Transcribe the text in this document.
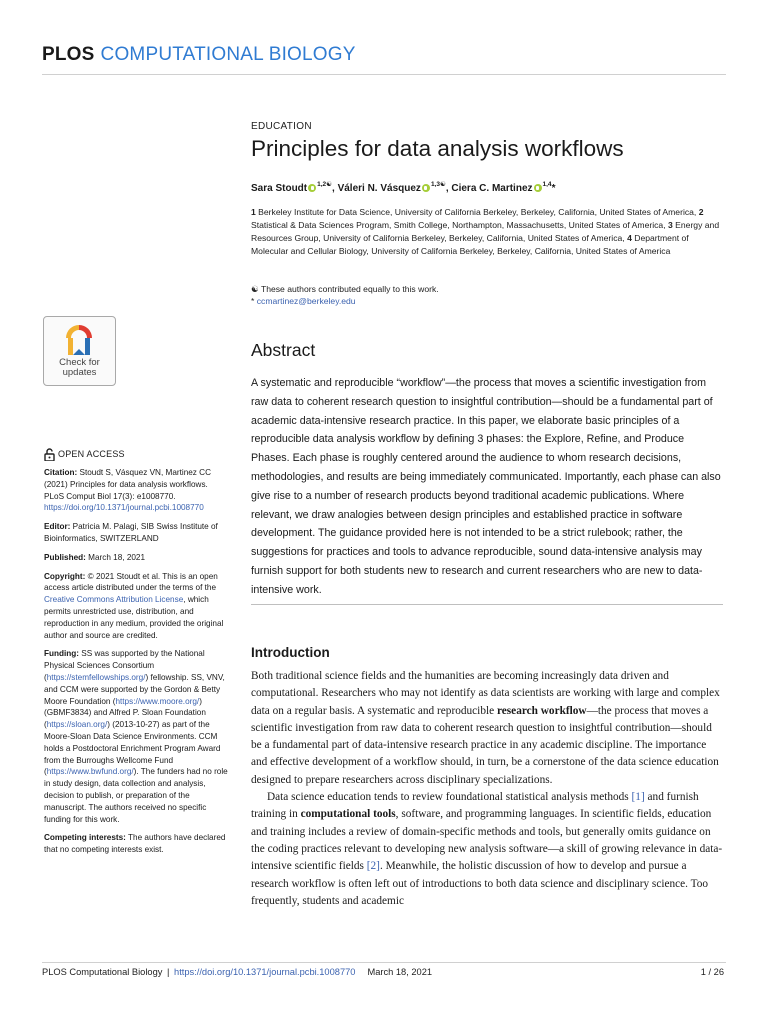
PLOS COMPUTATIONAL BIOLOGY
Check for
updates
EDUCATION
Principles for data analysis workflows
Sara Stoudt $^{1,2☯}$, Váleri N. Vásquez $^{1,3☯}$, Ciera C. Martinez $^{1,4}$*
1 Berkeley Institute for Data Science, University of California Berkeley, Berkeley, California, United States of America, 2 Statistical & Data Sciences Program, Smith College, Northampton, Massachusetts, United States of America, 3 Energy and Resources Group, University of California Berkeley, Berkeley, California, United States of America, 4 Department of Molecular and Cellular Biology, University of California Berkeley, Berkeley, California, United States of America
☯ These authors contributed equally to this work.
* ccmartinez@berkeley.edu
Abstract
A systematic and reproducible “workflow”—the process that moves a scientific investigation from raw data to coherent research question to insightful contribution—should be a fundamental part of academic data-intensive research practice. In this paper, we elaborate basic principles of a reproducible data analysis workflow by defining 3 phases: the Explore, Refine, and Produce Phases. Each phase is roughly centered around the audience to whom research decisions, methodologies, and results are being immediately communicated. Importantly, each phase can also give rise to a number of research products beyond traditional academic publications. Where relevant, we draw analogies between design principles and established practice in software development. The guidance provided here is not intended to be a strict rulebook; rather, the suggestions for practices and tools to advance reproducible, sound data-intensive analysis may furnish support for both students new to research and current researchers who are new to data-intensive work.
Introduction

Both traditional science fields and the humanities are becoming increasingly data driven and computational. Researchers who may not identify as data scientists are working with large and complex data on a regular basis. A systematic and reproducible research workflow—the process that moves a scientific investigation from raw data to coherent research question to insightful contribution—should be a fundamental part of data-intensive research practice in any academic discipline. The importance and effective development of a workflow should, in turn, be a cornerstone of the data science education designed to prepare researchers across disciplinary specializations.

Data science education tends to review foundational statistical analysis methods [1] and furnish training in computational tools, software, and programming languages. In scientific fields, education and training includes a review of domain-specific methods and tools, but generally omits guidance on the coding practices relevant to developing new analysis software—a skill of growing relevance in data-intensive scientific fields [2]. Meanwhile, the holistic discussion of how to develop and pursue a research workflow is often left out of introductions to both data science and disciplinary science. Too frequently, students and academic

OPEN ACCESS
Citation: Stoudt S, Vásquez VN, Martinez CC (2021) Principles for data analysis workflows. PLoS Comput Biol 17(3): e1008770. https://doi.org/10.1371/journal.pcbi.1008770
Editor: Patricia M. Palagi, SIB Swiss Institute of Bioinformatics, SWITZERLAND
Published: March 18, 2021
Copyright: © 2021 Stoudt et al. This is an open access article distributed under the terms of the Creative Commons Attribution License, which permits unrestricted use, distribution, and reproduction in any medium, provided the original author and source are credited.
Funding: SS was supported by the National Physical Sciences Consortium (https://stemfellowships.org/) fellowship. SS, VNV, and CCM were supported by the Gordon & Betty Moore Foundation (https://www.moore.org/) (GBMF3834) and Alfred P. Sloan Foundation (https://sloan.org/) (2013-10-27) as part of the Moore-Sloan Data Science Environments. CCM holds a Postdoctoral Enrichment Program Award from the Burroughs Wellcome Fund (https://www.bwfund.org/). The funders had no role in study design, data collection and analysis, decision to publish, or preparation of the manuscript. The authors received no specific funding for this work.
Competing interests: The authors have declared that no competing interests exist.
PLOS Computational Biology | https://doi.org/10.1371/journal.pcbi.1008770 March 18, 2021	1 / 26
